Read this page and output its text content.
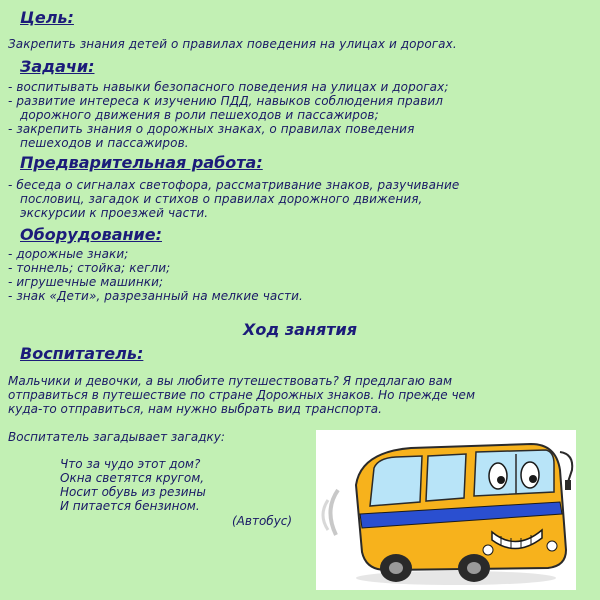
Цель:
Закрепить знания детей о правилах поведения на улицах и дорогах.
Задачи:
- воспитывать навыки безопасного поведения на улицах и дорогах;
- развитие интереса к изучению ПДД, навыков соблюдения правил
дорожного движения в роли пешеходов и пассажиров;
- закрепить знания о дорожных знаках, о правилах поведения
пешеходов и пассажиров.
Предварительная работа:
- беседа о сигналах светофора, рассматривание знаков, разучивание
пословиц, загадок и стихов о правилах дорожного движения,
экскурсии к проезжей части.
Оборудование:
- дорожные знаки;
- тоннель; стойка; кегли;
- игрушечные машинки;
- знак «Дети», разрезанный на мелкие части.
Ход занятия
Воспитатель:
Мальчики и девочки, а вы любите путешествовать? Я предлагаю вам
отправиться в путешествие по стране Дорожных знаков. Но прежде чем
куда-то отправиться, нам нужно выбрать вид транспорта.
Воспитатель загадывает загадку:
Что за чудо этот дом?
Окна светятся кругом,
Носит обувь из резины
И питается бензином.
(Автобус)
